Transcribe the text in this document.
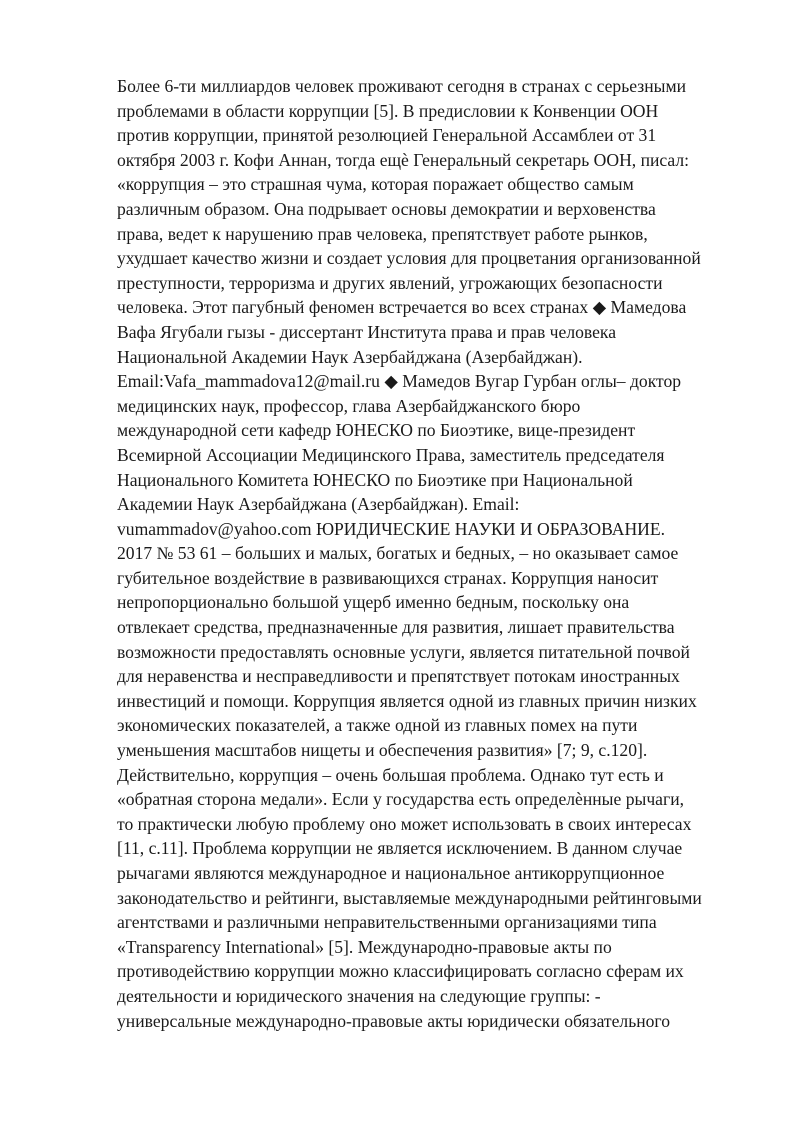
Более 6-ти миллиардов человек проживают сегодня в странах с серьезными
проблемами в области коррупции [5]. В предисловии к Конвенции ООН
против коррупции, принятой резолюцией Генеральной Ассамблеи от 31
октября 2003 г. Кофи Аннан, тогда ещѐ Генеральный секретарь ООН, писал:
«коррупция – это страшная чума, которая поражает общество самым
различным образом. Она подрывает основы демократии и верховенства
права, ведет к нарушению прав человека, препятствует работе рынков,
ухудшает качество жизни и создает условия для процветания организованной
преступности, терроризма и других явлений, угрожающих безопасности
человека. Этот пагубный феномен встречается во всех странах ◆ Мамедова
Вафа Ягубали гызы - диссертант Института права и прав человека
Национальной Академии Наук Азербайджана (Азербайджан).
Email:Vafa_mammadova12@mail.ru ◆ Мамедов Вугар Гурбан оглы– доктор
медицинских наук, профессор, глава Азербайджанского бюро
международной сети кафедр ЮНЕСКО по Биоэтике, вице-президент
Всемирной Ассоциации Медицинского Права, заместитель председателя
Национального Комитета ЮНЕСКО по Биоэтике при Национальной
Академии Наук Азербайджана (Азербайджан). Email:
vumammadov@yahoo.com ЮРИДИЧЕСКИЕ НАУКИ И ОБРАЗОВАНИЕ.
2017 № 53 61 – больших и малых, богатых и бедных, – но оказывает самое
губительное воздействие в развивающихся странах. Коррупция наносит
непропорционально большой ущерб именно бедным, поскольку она
отвлекает средства, предназначенные для развития, лишает правительства
возможности предоставлять основные услуги, является питательной почвой
для неравенства и несправедливости и препятствует потокам иностранных
инвестиций и помощи. Коррупция является одной из главных причин низких
экономических показателей, а также одной из главных помех на пути
уменьшения масштабов нищеты и обеспечения развития» [7; 9, с.120].
Действительно, коррупция – очень большая проблема. Однако тут есть и
«обратная сторона медали». Если у государства есть определѐнные рычаги,
то практически любую проблему оно может использовать в своих интересах
[11, с.11]. Проблема коррупции не является исключением. В данном случае
рычагами являются международное и национальное антикоррупционное
законодательство и рейтинги, выставляемые международными рейтинговыми
агентствами и различными неправительственными организациями типа
«Transparency International» [5]. Международно-правовые акты по
противодействию коррупции можно классифицировать согласно сферам их
деятельности и юридического значения на следующие группы: -
универсальные международно-правовые акты юридически обязательного
